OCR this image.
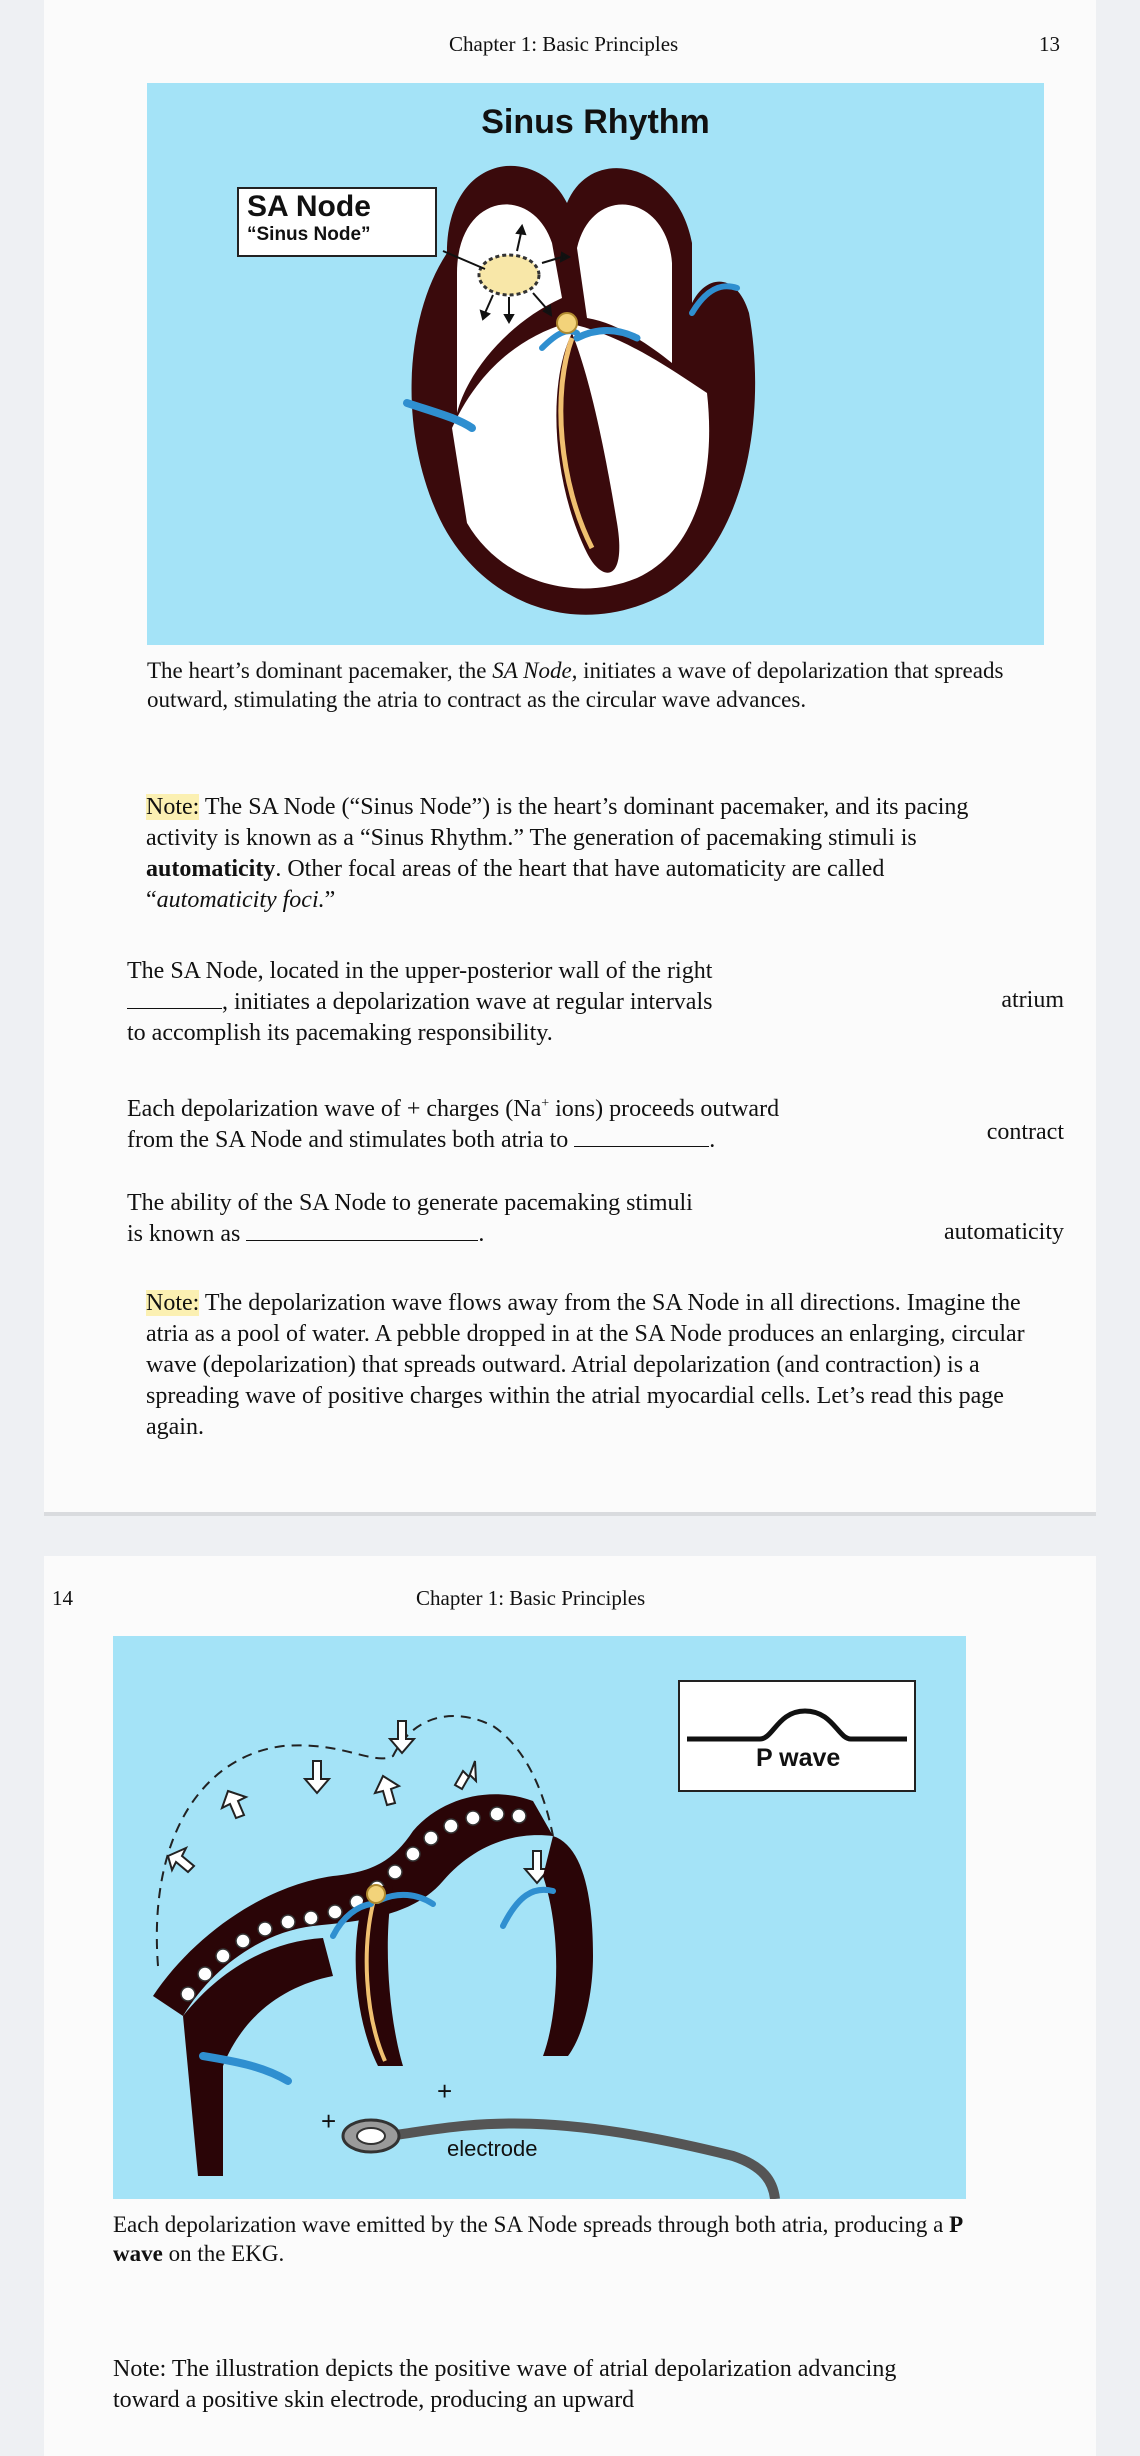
Chapter 1: Basic Principles	13
Sinus Rhythm
SA Node
“Sinus Node”
The heart’s dominant pacemaker, the SA Node, initiates a wave of depolarization that spreads outward, stimulating the atria to contract as the circular wave advances.
Note: The SA Node (“Sinus Node”) is the heart’s dominant pacemaker, and its pacing activity is known as a “Sinus Rhythm.” The generation of pacemaking stimuli is automaticity. Other focal areas of the heart that have automaticity are called “automaticity foci.”
The SA Node, located in the upper-posterior wall of the right
, initiates a depolarization wave at regular intervals
to accomplish its pacemaking responsibility.
atrium
Each depolarization wave of + charges (Na+ ions) proceeds outward
from the SA Node and stimulates both atria to	.	contract
The ability of the SA Node to generate pacemaking stimuli
is known as	.	automaticity
Note: The depolarization wave flows away from the SA Node in all directions. Imagine the atria as a pool of water. A pebble dropped in at the SA Node produces an enlarging, circular wave (depolarization) that spreads outward. Atrial depolarization (and contraction) is a spreading wave of positive charges within the atrial myocardial cells. Let’s read this page again.
14	Chapter 1: Basic Principles
P wave
electrode
+
+
Each depolarization wave emitted by the SA Node spreads through both atria, producing a P wave on the EKG.
Note: The illustration depicts the positive wave of atrial depolarization advancing toward a positive skin electrode, producing an upward
